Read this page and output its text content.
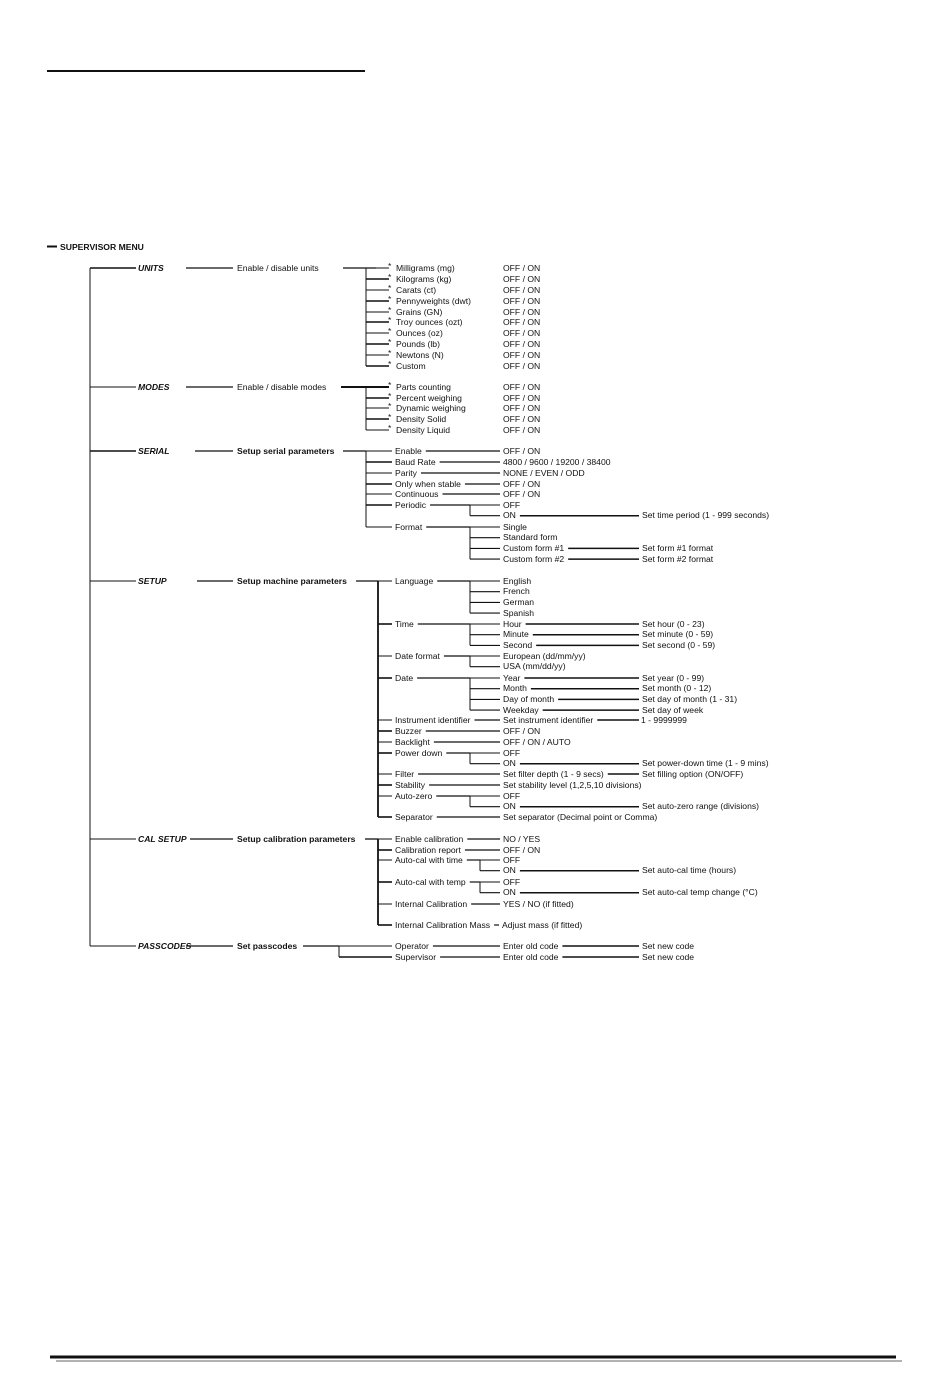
SUPERVISOR MENU
UNITS	Enable / disable units	* Milligrams (mg)	OFF / ON
* Kilograms (kg)	OFF / ON
* Carats (ct)	OFF / ON
* Pennyweights (dwt)	OFF / ON
* Grains (GN)	OFF / ON
* Troy ounces (ozt)	OFF / ON
* Ounces (oz)	OFF / ON
* Pounds (lb)	OFF / ON
* Newtons (N)	OFF / ON
* Custom	OFF / ON
MODES	Enable / disable modes	* Parts counting	OFF / ON
* Percent weighing	OFF / ON
* Dynamic weighing	OFF / ON
* Density Solid	OFF / ON
* Density Liquid	OFF / ON
SERIAL	Setup serial parameters	Enable	OFF / ON
Baud Rate	4800 / 9600 / 19200 / 38400
Parity	NONE / EVEN / ODD
Only when stable	OFF / ON
Continuous	OFF / ON
Periodic	OFF
ON	Set time period (1 - 999 seconds)
Format	Single
Standard form
Custom form #1	Set form #1 format
Custom form #2	Set form #2 format
SETUP	Setup machine parameters	Language	English
French
German
Spanish
Time	Hour	Set hour (0 - 23)
Minute	Set minute (0 - 59)
Second	Set second (0 - 59)
Date format	European (dd/mm/yy)
USA (mm/dd/yy)
Date	Year	Set year (0 - 99)
Month	Set month (0 - 12)
Day of month	Set day of month (1 - 31)
Weekday	Set day of week
Instrument identifier	Set instrument identifier	1 - 9999999
Buzzer	OFF / ON
Backlight	OFF / ON / AUTO
Power down	OFF
ON	Set power-down time (1 - 9 mins)
Filter	Set filter depth (1 - 9 secs)	Set filling option (ON/OFF)
Stability	Set stability level (1,2,5,10 divisions)
Auto-zero	OFF
ON	Set auto-zero range (divisions)
Separator	Set separator (Decimal point or Comma)
CAL SETUP	Setup calibration parameters	Enable calibration	NO / YES
Calibration report	OFF / ON
Auto-cal with time	OFF
ON	Set auto-cal time (hours)
Auto-cal with temp	OFF
ON	Set auto-cal temp change (°C)
Internal Calibration	YES / NO (if fitted)
Internal Calibration Mass Adjust mass (if fitted)
PASSCODES	Set passcodes	Operator	Enter old code	Set new code
Supervisor	Enter old code	Set new code
